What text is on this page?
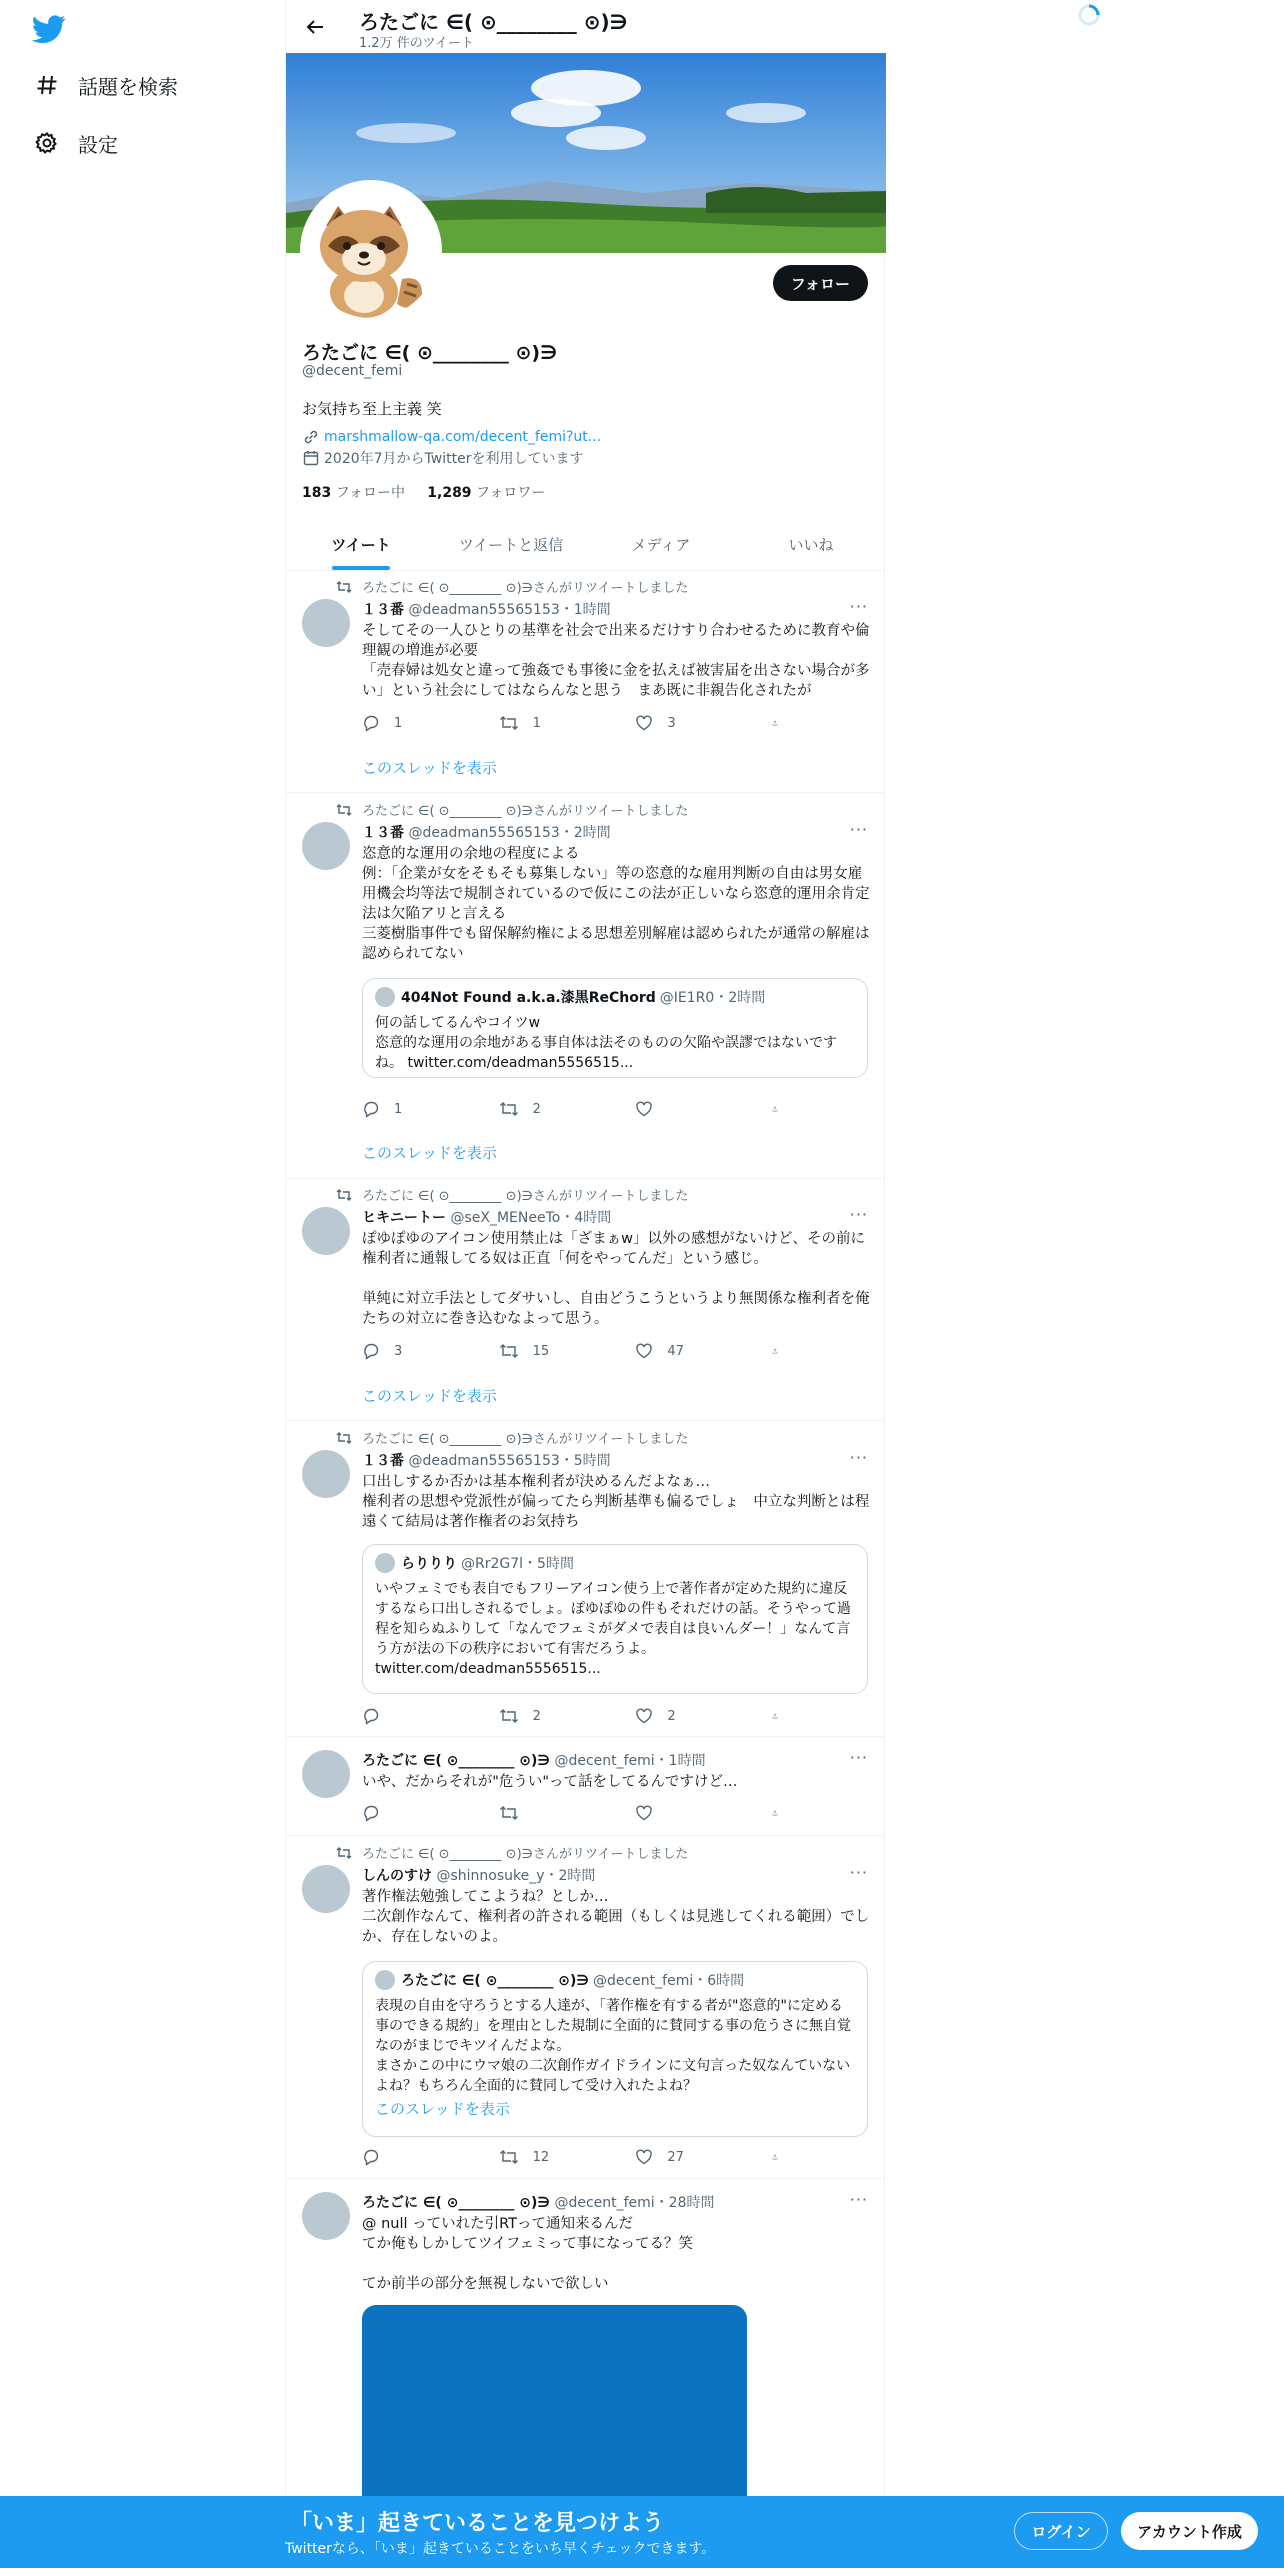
話題を検索
設定
ろたごに ∈( ⊙________ ⊙)∋
1.2万 件のツイート
フォロー
ろたごに ∈( ⊙________ ⊙)∋
@decent_femi
お気持ち至上主義 笑
marshmallow-qa.com/decent_femi?ut...
2020年7月からTwitterを利用しています
183 フォロー中 1,289 フォロワー
ツイート	ツイートと返信	メディア	いいね
ろたごに ∈( ⊙________ ⊙)∋さんがリツイートしました
１３番 @deadman55565153・1時間	···
そしてその一人ひとりの基準を社会で出来るだけすり合わせるために教育や倫理観の増進が必要
「売春婦は処女と違って強姦でも事後に金を払えば被害届を出さない場合が多い」という社会にしてはならんなと思う　まあ既に非親告化されたが
1	1	3
このスレッドを表示
ろたごに ∈( ⊙________ ⊙)∋さんがリツイートしました
１３番 @deadman55565153・2時間	···
恣意的な運用の余地の程度による
例：「企業が女をそもそも募集しない」等の恣意的な雇用判断の自由は男女雇用機会均等法で規制されているので仮にこの法が正しいなら恣意的運用余肯定法は欠陥アリと言える
三菱樹脂事件でも留保解約権による思想差別解雇は認められたが通常の解雇は認められてない
404Not Found a.k.a.漆黒ReChord @IE1R0・2時間
何の話してるんやコイツw
恣意的な運用の余地がある事自体は法そのものの欠陥や誤謬ではないですね。 twitter.com/deadman5556515...
1	2
このスレッドを表示
ろたごに ∈( ⊙________ ⊙)∋さんがリツイートしました
ヒキニートー @seX_MENeeTo・4時間	···
ぽゆぽゆのアイコン使用禁止は「ざまぁw」以外の感想がないけど、その前に権利者に通報してる奴は正直「何をやってんだ」という感じ。

単純に対立手法としてダサいし、自由どうこうというより無関係な権利者を俺たちの対立に巻き込むなよって思う。
3	15	47
このスレッドを表示
ろたごに ∈( ⊙________ ⊙)∋さんがリツイートしました
１３番 @deadman55565153・5時間	···
口出しするか否かは基本権利者が決めるんだよなぁ…
権利者の思想や党派性が偏ってたら判断基準も偏るでしょ　中立な判断とは程遠くて結局は著作権者のお気持ち
らりりり @Rr2G7l・5時間
いやフェミでも表自でもフリーアイコン使う上で著作者が定めた規約に違反するなら口出しされるでしょ。ぽゆぽゆの件もそれだけの話。そうやって過程を知らぬふりして「なんでフェミがダメで表自は良いんダー！」なんて言う方が法の下の秩序において有害だろうよ。
twitter.com/deadman5556515...
2	2
ろたごに ∈( ⊙________ ⊙)∋ @decent_femi・1時間	···
いや、だからそれが"危うい"って話をしてるんですけど…
ろたごに ∈( ⊙________ ⊙)∋さんがリツイートしました
しんのすけ @shinnosuke_y・2時間	···
著作権法勉強してこようね？としか…
二次創作なんて、権利者の許される範囲（もしくは見逃してくれる範囲）でしか、存在しないのよ。
ろたごに ∈( ⊙________ ⊙)∋ @decent_femi・6時間
表現の自由を守ろうとする人達が、「著作権を有する者が"恣意的"に定める事のできる規約」を理由とした規制に全面的に賛同する事の危うさに無自覚なのがまじでキツイんだよな。
まさかこの中にウマ娘の二次創作ガイドラインに文句言った奴なんていないよね？もちろん全面的に賛同して受け入れたよね？
このスレッドを表示
12	27
ろたごに ∈( ⊙________ ⊙)∋ @decent_femi・28時間	···
@ null っていれた引RTって通知来るんだ
てか俺もしかしてツイフェミって事になってる？笑

てか前半の部分を無視しないで欲しい
「いま」起きていることを見つけよう
Twitterなら、「いま」起きていることをいち早くチェックできます。
ログイン	アカウント作成
